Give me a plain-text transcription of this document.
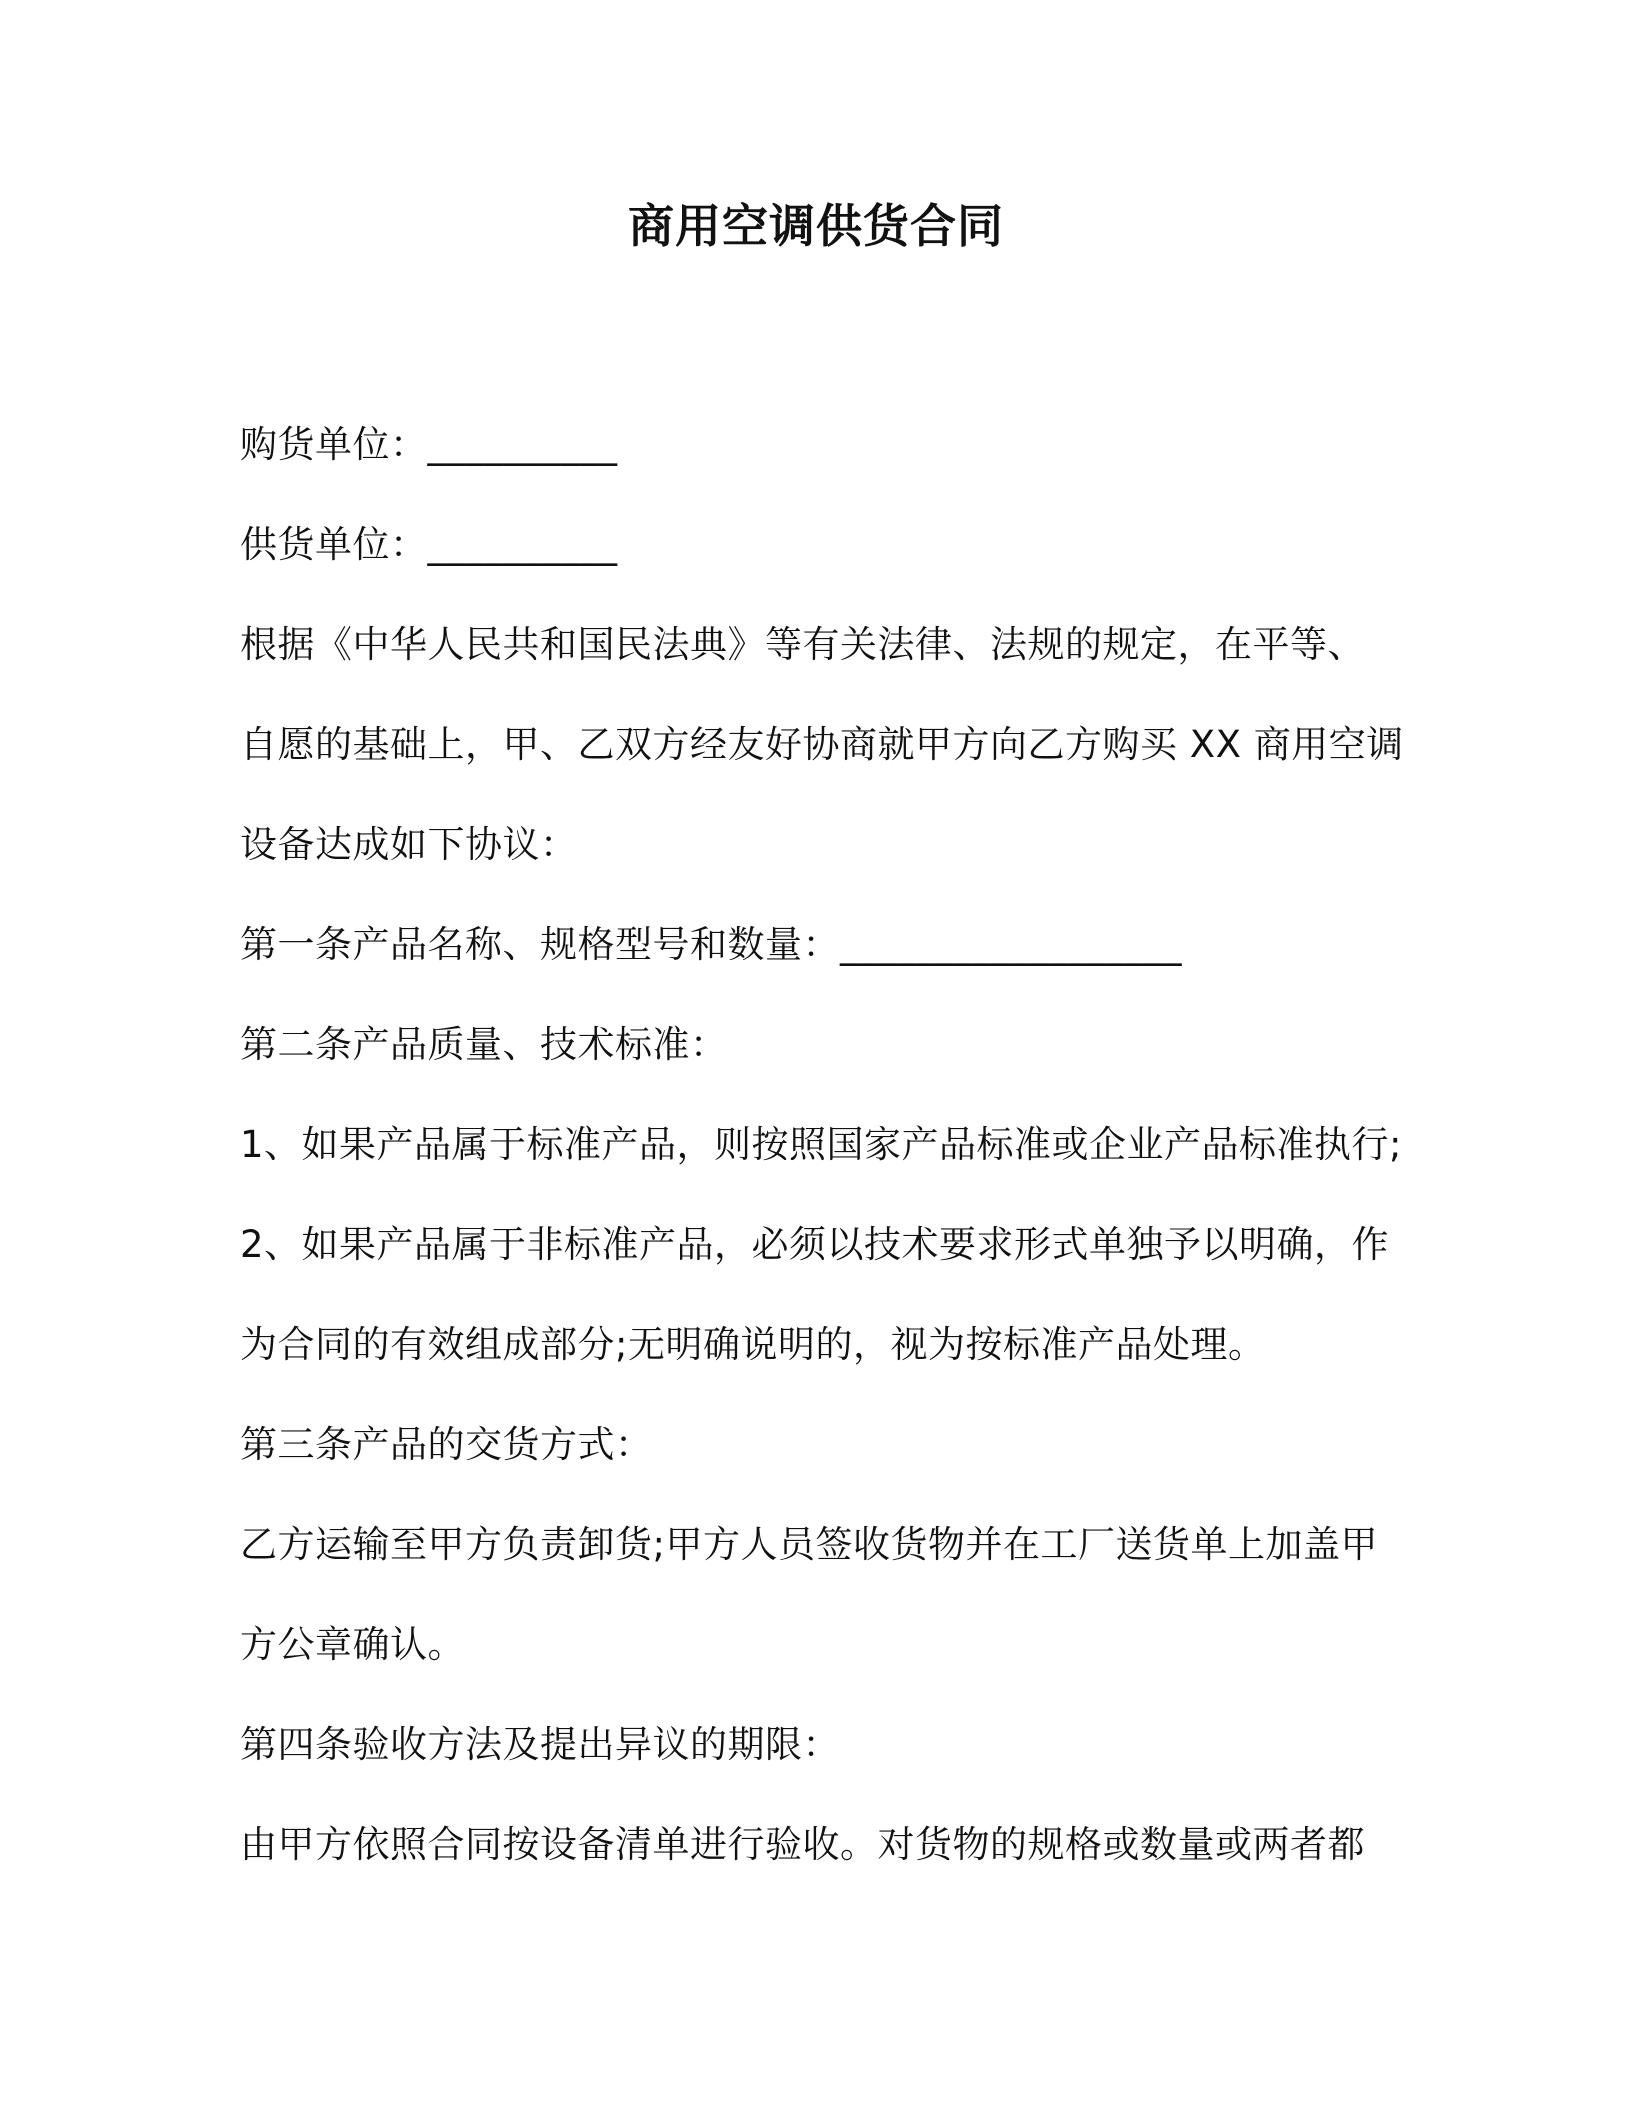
商用空调供货合同
购货单位：__________
供货单位：__________
根据《中华人民共和国民法典》等有关法律、法规的规定，在平等、
自愿的基础上，甲、乙双方经友好协商就甲方向乙方购买 XX 商用空调
设备达成如下协议：
第一条产品名称、规格型号和数量：__________________
第二条产品质量、技术标准：
1、如果产品属于标准产品，则按照国家产品标准或企业产品标准执行;
2、如果产品属于非标准产品，必须以技术要求形式单独予以明确，作
为合同的有效组成部分;无明确说明的，视为按标准产品处理。
第三条产品的交货方式：
乙方运输至甲方负责卸货;甲方人员签收货物并在工厂送货单上加盖甲
方公章确认。
第四条验收方法及提出异议的期限：
由甲方依照合同按设备清单进行验收。对货物的规格或数量或两者都
